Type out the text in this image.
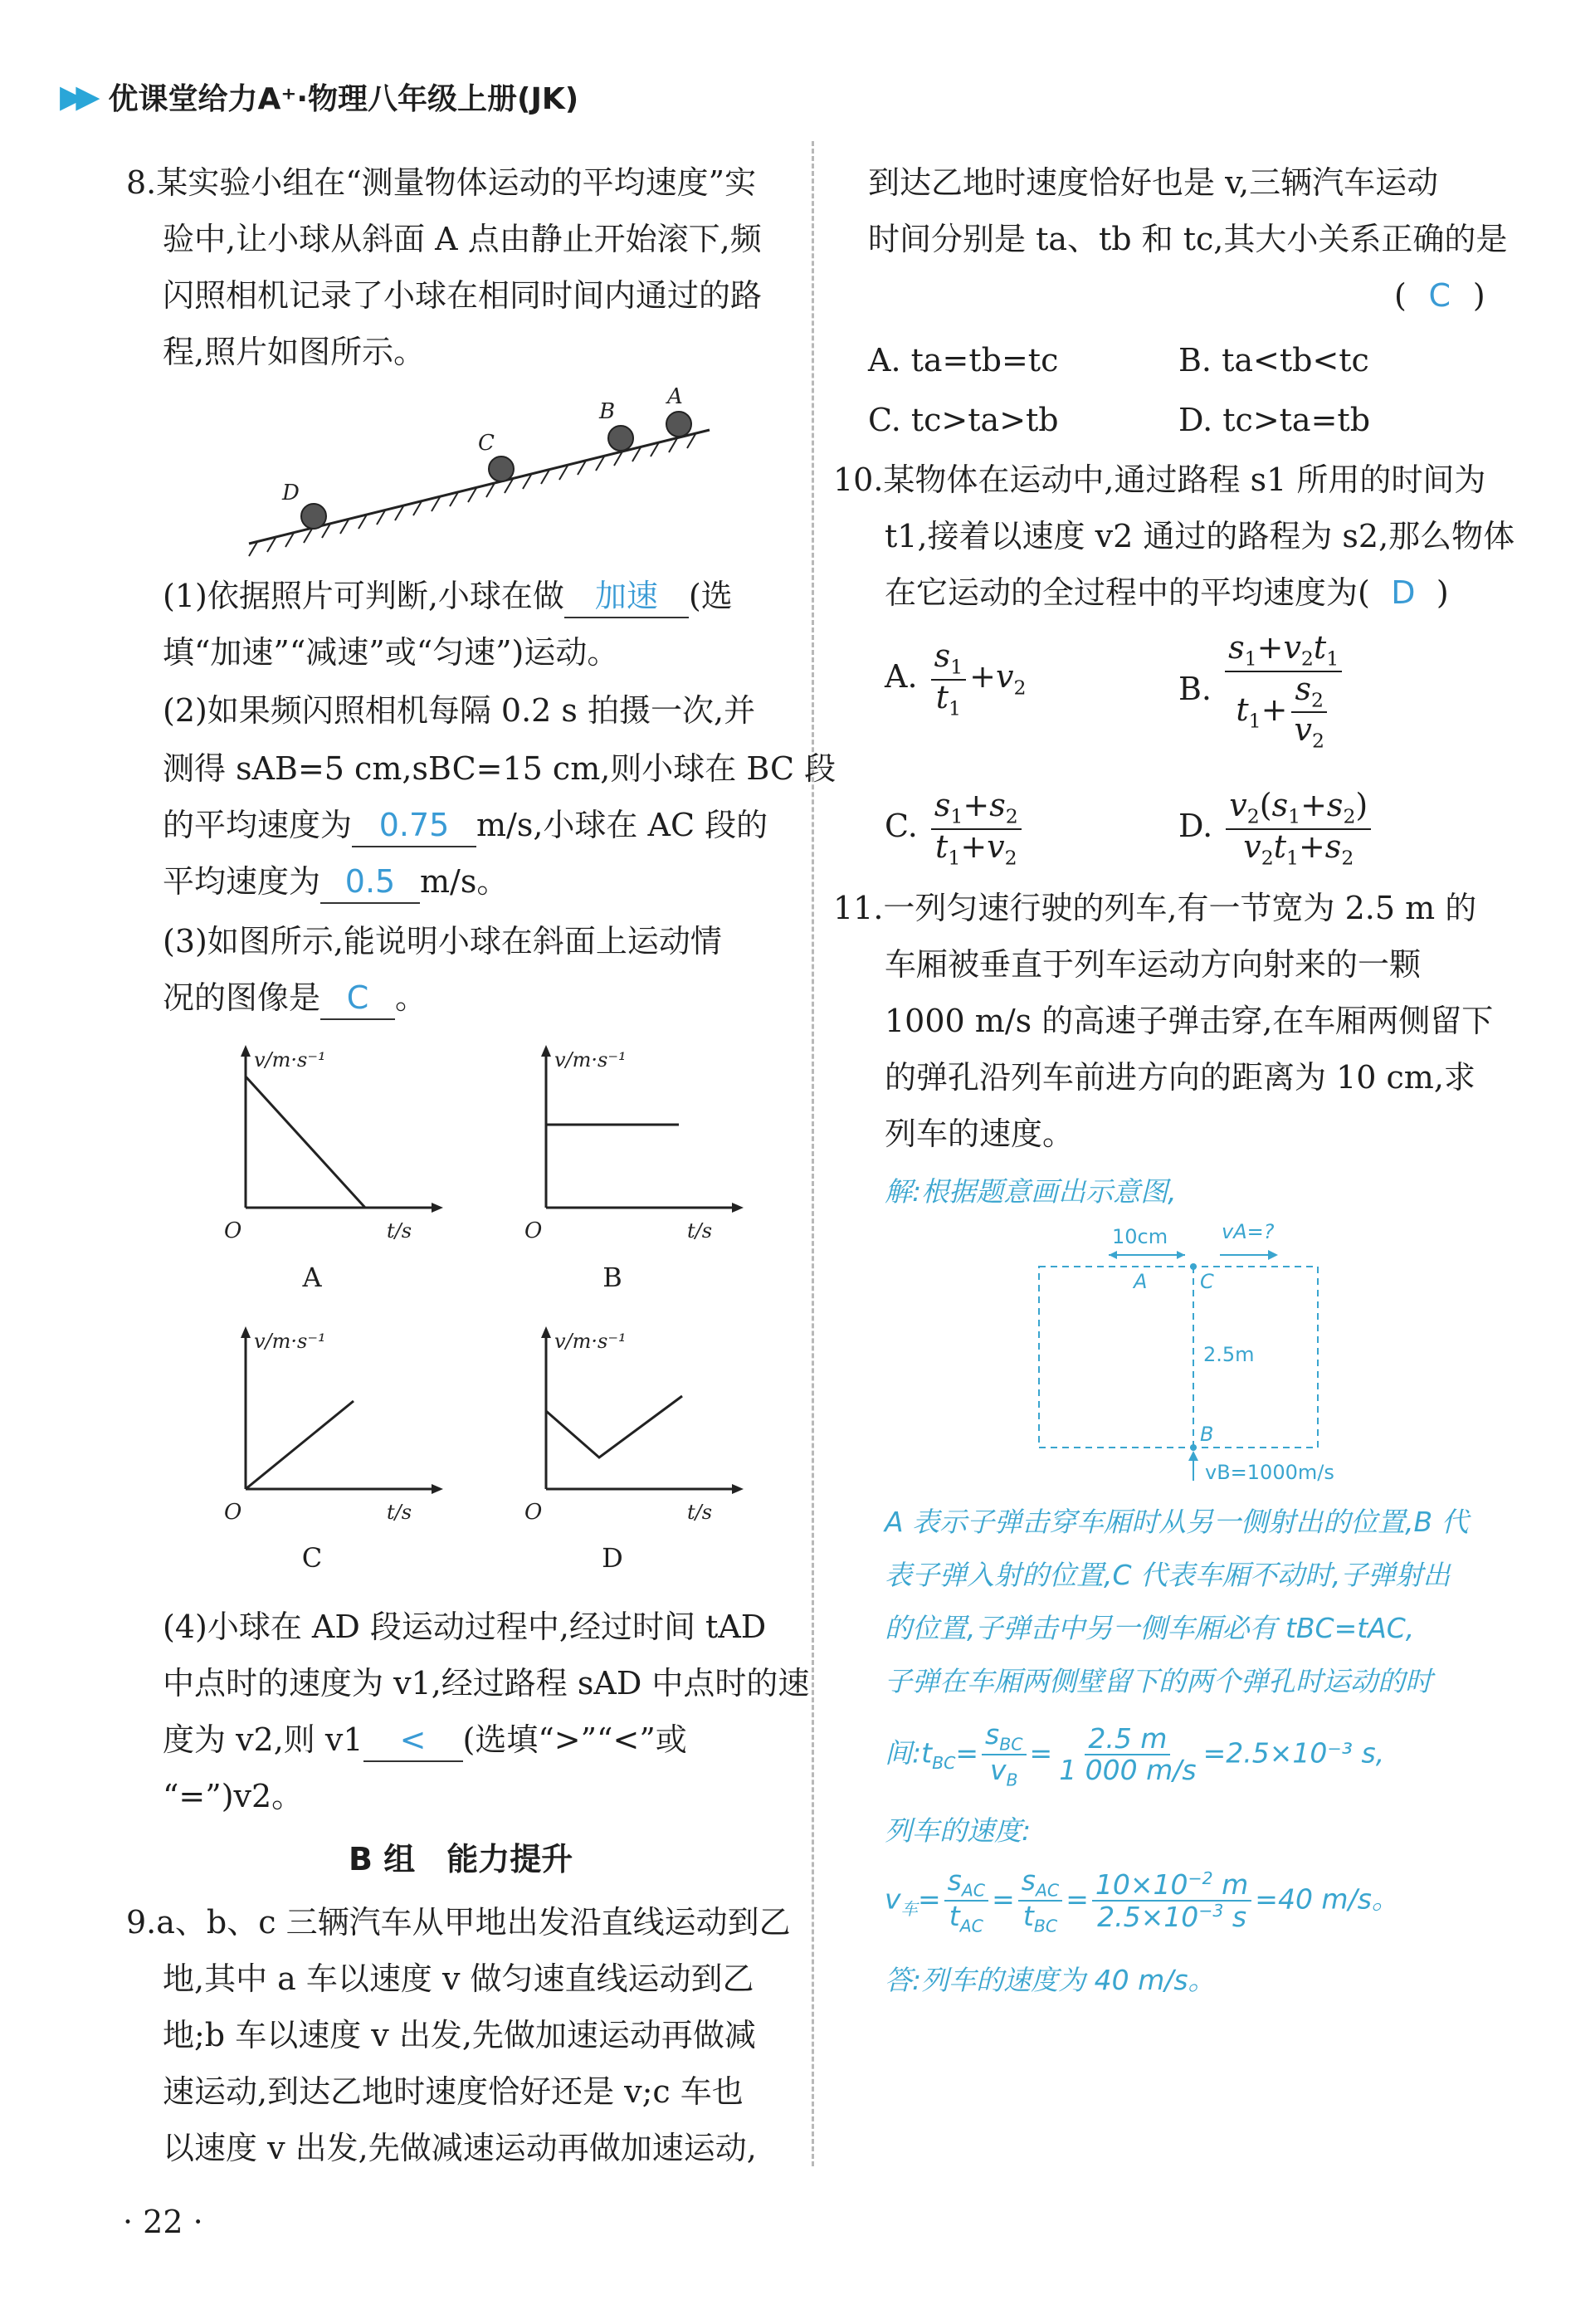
▶▶ 优课堂给力A⁺·物理八年级上册(JK)
8.某实验小组在“测量物体运动的平均速度”实
验中,让小球从斜面 A 点由静止开始滚下,频
闪照相机记录了小球在相同时间内通过的路
程,照片如图所示。
A
B
C
D
(1)依据照片可判断,小球在做 加速 (选
填“加速”“减速”或“匀速”)运动。
(2)如果频闪照相机每隔 0.2 s 拍摄一次,并
测得 sAB=5 cm,sBC=15 cm,则小球在 BC 段
的平均速度为 0.75 m/s,小球在 AC 段的
平均速度为 0.5 m/s。
(3)如图所示,能说明小球在斜面上运动情
况的图像是 C 。
v/m·s⁻¹
t/s
O
A
v/m·s⁻¹
t/s
O
B
v/m·s⁻¹
t/s
O
C
v/m·s⁻¹
t/s
O
D
(4)小球在 AD 段运动过程中,经过时间 tAD
中点时的速度为 v1,经过路程 sAD 中点时的速
度为 v2,则 v1 < (选填“>”“<”或
“=”)v2。
B 组　能力提升
9.a、b、c 三辆汽车从甲地出发沿直线运动到乙
地,其中 a 车以速度 v 做匀速直线运动到乙
地;b 车以速度 v 出发,先做加速运动再做减
速运动,到达乙地时速度恰好还是 v;c 车也
以速度 v 出发,先做减速运动再做加速运动,
· 22 ·
到达乙地时速度恰好也是 v,三辆汽车运动
时间分别是 ta、tb 和 tc,其大小关系正确的是
( C )
A. ta=tb=tc	B. ta<tb<tc
C. tc>ta>tb	D. tc>ta=tb
10.某物体在运动中,通过路程 s1 所用的时间为
t1,接着以速度 v2 通过的路程为 s2,那么物体
在它运动的全过程中的平均速度为( D )
A. $\frac{s_1}{t_1} +v_2$	B. $\frac{s_1+v_2t_1}{t_1+ \frac{s_2}{v_2}}$
C. $\frac{s_1+s_2}{t_1+v_2}$	D. $\frac{v_2(s_1+s_2)}{v_2t_1+s_2}$
11.一列匀速行驶的列车,有一节宽为 2.5 m 的
车厢被垂直于列车运动方向射来的一颗
1000 m/s 的高速子弹击穿,在车厢两侧留下
的弹孔沿列车前进方向的距离为 10 cm,求
列车的速度。
解:根据题意画出示意图,
10cm	vA=?
A	C
2.5m
B
vB=1000m/s
A 表示子弹击穿车厢时从另一侧射出的位置,B 代
表子弹入射的位置,C 代表车厢不动时,子弹射出
的位置,子弹击中另一侧车厢必有 tBC=tAC,
子弹在车厢两侧壁留下的两个弹孔时运动的时
间$:t_{BC}= \frac{s_{BC}}{v_B} = \frac{2.5 m}{1 000 m/s} =2.5\times 10^{-3}$ s,
列车的速度:
$v_车= \frac{s_{AC}}{t_{AC}} = \frac{s_{AC}}{t_{BC}} = \frac{10\times 10^{-2} m}{2.5\times 10^{-3} s} =40$ m/s。
答:列车的速度为 40 m/s。
